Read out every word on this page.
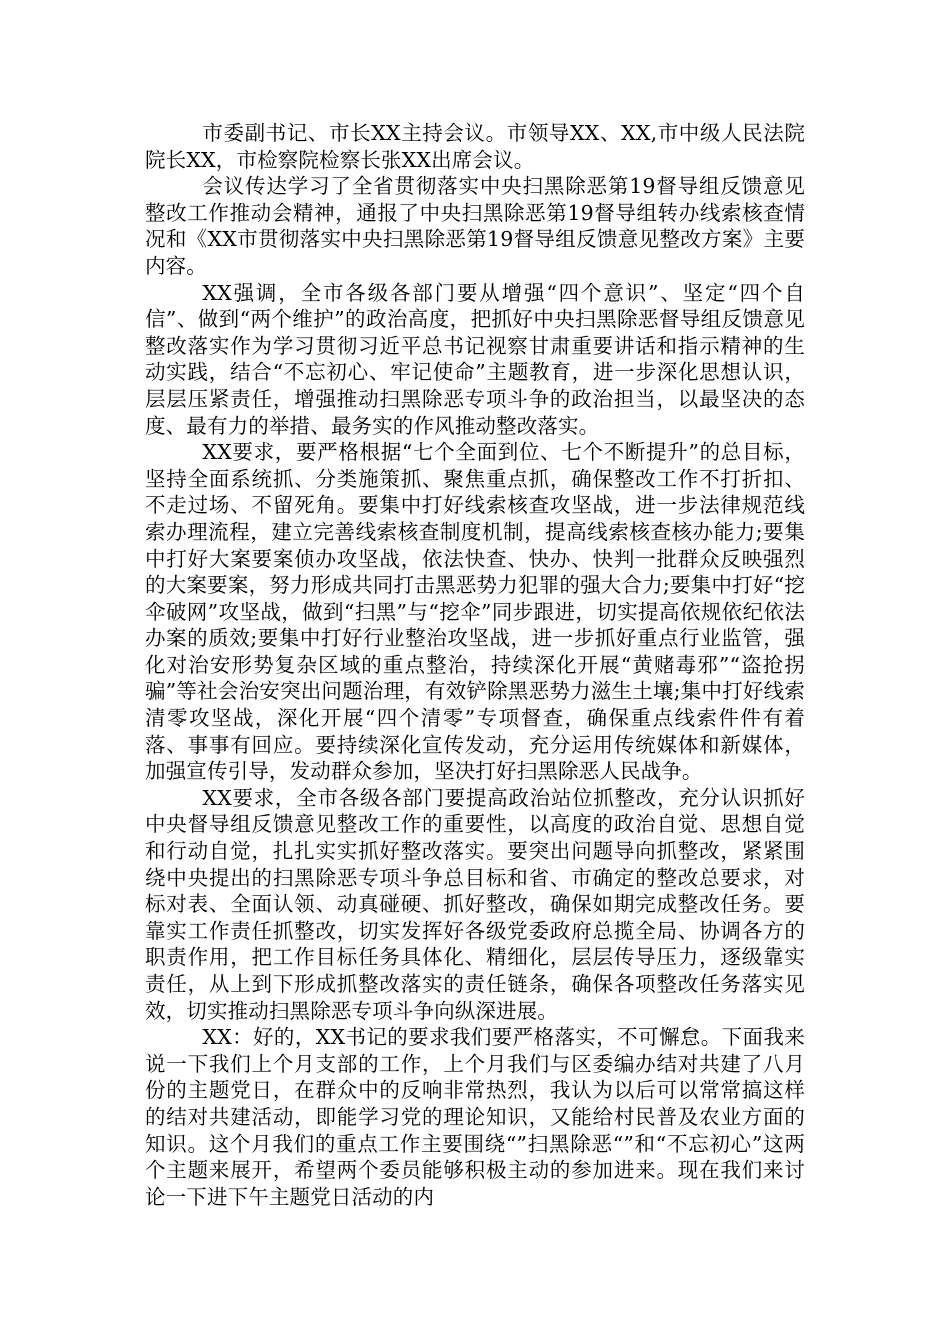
市委副书记、市长XX主持会议。市领导XX、XX,市中级人民法院院长XX，市检察院检察长张XX出席会议。

会议传达学习了全省贯彻落实中央扫黑除恶第19督导组反馈意见整改工作推动会精神，通报了中央扫黑除恶第19督导组转办线索核查情况和《XX市贯彻落实中央扫黑除恶第19督导组反馈意见整改方案》主要内容。

XX强调，全市各级各部门要从增强“四个意识”、坚定“四个自信”、做到“两个维护”的政治高度，把抓好中央扫黑除恶督导组反馈意见整改落实作为学习贯彻习近平总书记视察甘肃重要讲话和指示精神的生动实践，结合“不忘初心、牢记使命”主题教育，进一步深化思想认识，层层压紧责任，增强推动扫黑除恶专项斗争的政治担当，以最坚决的态度、最有力的举措、最务实的作风推动整改落实。

XX要求，要严格根据“七个全面到位、七个不断提升”的总目标，坚持全面系统抓、分类施策抓、聚焦重点抓，确保整改工作不打折扣、不走过场、不留死角。要集中打好线索核查攻坚战，进一步法律规范线索办理流程，建立完善线索核查制度机制，提高线索核查核办能力;要集中打好大案要案侦办攻坚战，依法快查、快办、快判一批群众反映强烈的大案要案，努力形成共同打击黑恶势力犯罪的强大合力;要集中打好“挖伞破网”攻坚战，做到“扫黑”与“挖伞”同步跟进，切实提高依规依纪依法办案的质效;要集中打好行业整治攻坚战，进一步抓好重点行业监管，强化对治安形势复杂区域的重点整治，持续深化开展“黄赌毒邪”“盗抢拐骗”等社会治安突出问题治理，有效铲除黑恶势力滋生土壤;集中打好线索清零攻坚战，深化开展“四个清零”专项督查，确保重点线索件件有着落、事事有回应。要持续深化宣传发动，充分运用传统媒体和新媒体，加强宣传引导，发动群众参加，坚决打好扫黑除恶人民战争。

XX要求，全市各级各部门要提高政治站位抓整改，充分认识抓好中央督导组反馈意见整改工作的重要性，以高度的政治自觉、思想自觉和行动自觉，扎扎实实抓好整改落实。要突出问题导向抓整改，紧紧围绕中央提出的扫黑除恶专项斗争总目标和省、市确定的整改总要求，对标对表、全面认领、动真碰硬、抓好整改，确保如期完成整改任务。要靠实工作责任抓整改，切实发挥好各级党委政府总揽全局、协调各方的职责作用，把工作目标任务具体化、精细化，层层传导压力，逐级靠实责任，从上到下形成抓整改落实的责任链条，确保各项整改任务落实见效，切实推动扫黑除恶专项斗争向纵深进展。

XX：好的，XX书记的要求我们要严格落实，不可懈怠。下面我来说一下我们上个月支部的工作，上个月我们与区委编办结对共建了八月份的主题党日，在群众中的反响非常热烈，我认为以后可以常常搞这样的结对共建活动，即能学习党的理论知识，又能给村民普及农业方面的知识。这个月我们的重点工作主要围绕“”扫黑除恶“”和“不忘初心”这两个主题来展开，希望两个委员能够积极主动的参加进来。现在我们来讨论一下进下午主题党日活动的内
